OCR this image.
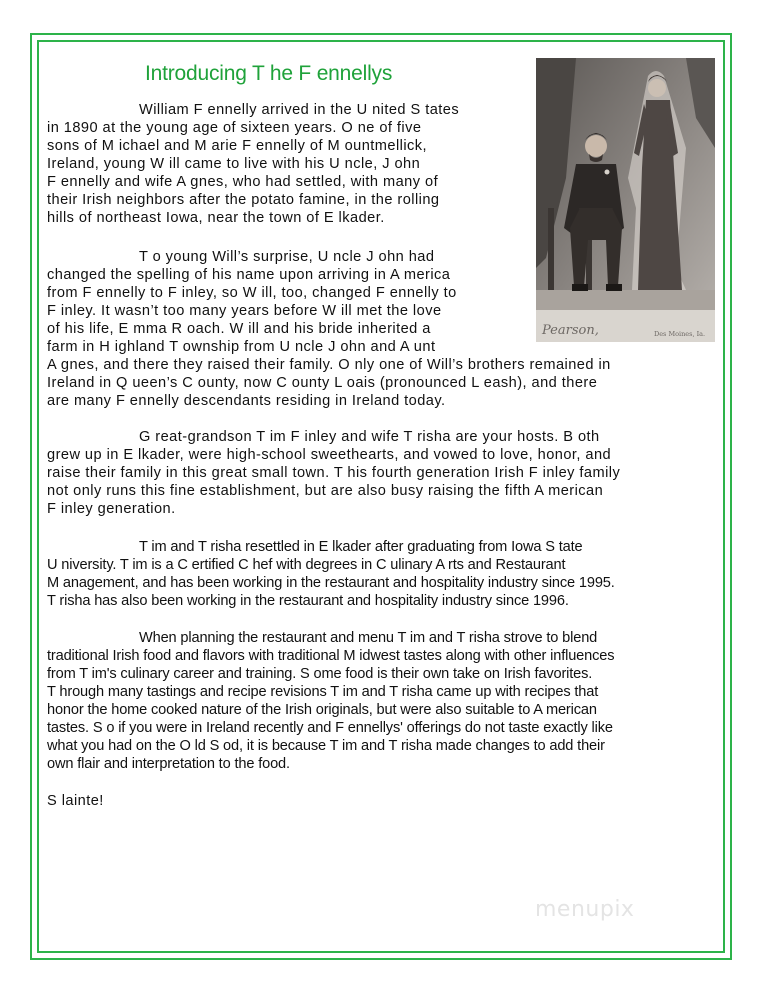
Introducing T he F ennellys
Pearson,	Des Moines, Ia.

William F ennelly arrived in the U nited S tates
in 1890 at the young age of sixteen years. O ne of five
sons of M ichael and M arie F ennelly of M ountmellick,
Ireland, young W ill came to live with his U ncle, J ohn
F ennelly and wife A gnes, who had settled, with many of
their Irish neighbors after the potato famine, in the rolling
hills of northeast Iowa, near the town of E lkader.

T o young Will’s surprise, U ncle J ohn had
changed the spelling of his name upon arriving in A merica
from F ennelly to F inley, so W ill, too, changed F ennelly to
F inley. It wasn’t too many years before W ill met the love
of his life, E mma R oach. W ill and his bride inherited a
farm in H ighland T ownship from U ncle J ohn and A unt
A gnes, and there they raised their family. O nly one of Will’s brothers remained in
Ireland in Q ueen’s C ounty, now C ounty L oais (pronounced L eash), and there
are many F ennelly descendants residing in Ireland today.

G reat-grandson T im F inley and wife T risha are your hosts. B oth
grew up in E lkader, were high-school sweethearts, and vowed to love, honor, and
raise their family in this great small town. T his fourth generation Irish F inley family
not only runs this fine establishment, but are also busy raising the fifth A merican
F inley generation.

T im and T risha resettled in E lkader after graduating from Iowa S tate
U niversity. T im is a C ertified C hef with degrees in C ulinary A rts and Restaurant
M anagement, and has been working in the restaurant and hospitality industry since 1995.
T risha has also been working in the restaurant and hospitality industry since 1996.

When planning the restaurant and menu T im and T risha strove to blend
traditional Irish food and flavors with traditional M idwest tastes along with other influences
from T im's culinary career and training. S ome food is their own take on Irish favorites.
T hrough many tastings and recipe revisions T im and T risha came up with recipes that
honor the home cooked nature of the Irish originals, but were also suitable to A merican
tastes. S o if you were in Ireland recently and F ennellys' offerings do not taste exactly like
what you had on the O ld S od, it is because T im and T risha made changes to add their
own flair and interpretation to the food.

S lainte!

menupix
